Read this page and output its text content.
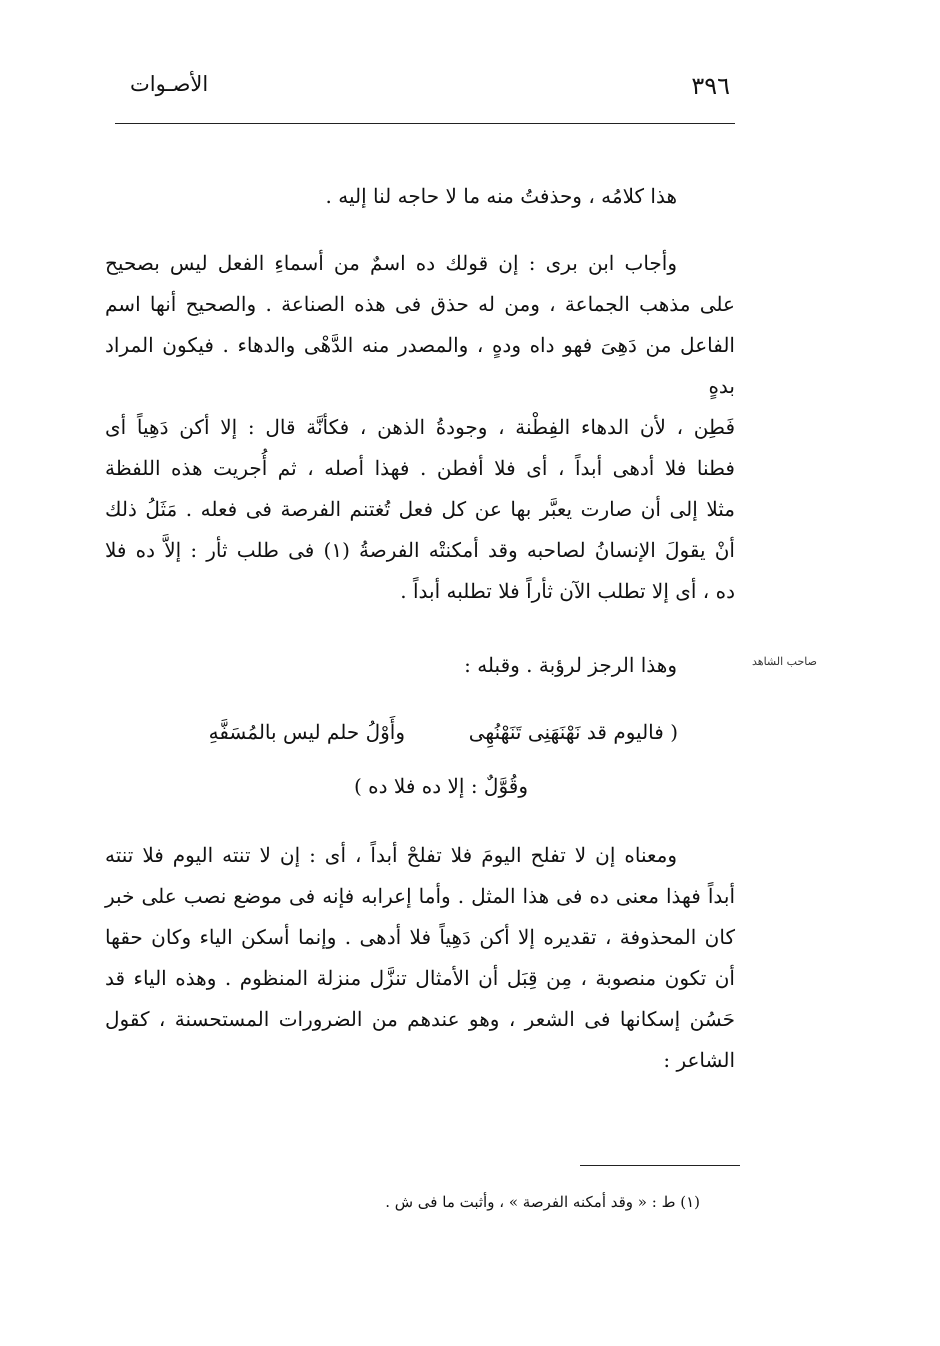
٣٩٦
الأصـوات
هذا كلامُه ، وحذفتُ منه ما لا حاجه لنا إليه .
وأجاب ابن برى : إن قولك ده اسمٌ من أسماءِ الفعل ليس بصحيح
على مذهب الجماعة ، ومن له حذق فى هذه الصناعة . والصحيح أنها اسم
الفاعل من دَهِىَ فهو داه ودهٍ ، والمصدر منه الدَّهْى والدهاء . فيكون المراد بدهٍ
فَطِن ، لأن الدهاء الفِطْنة ، وجودةُ الذهن ، فكأنَّة قال : إلا أكن دَهِياً أى
فطنا فلا أدهى أبداً ، أى فلا أفطن . فهذا أصله ، ثم أُجريت هذه اللفظة
مثلا إلى أن صارت يعبَّر بها عن كل فعل تُغتنم الفرصة فى فعله . مَثَلُ ذلك
أنْ يقولَ الإنسانُ لصاحبه وقد أمكنتْه الفرصةُ (١) فى طلب ثأر : إلاَّ ده فلا
ده ، أى إلا تطلب الآن ثأراً فلا تطلبه أبداً .
وهذا الرجز لرؤبة . وقبله :	صاحب الشاهد
( فاليوم قد نَهْنَهَنِى تَنَهْنُهِى
وأَوْلُ حلم ليس بالمُسَفَّهِ
وقُوَّلٌ : إلا ده فلا ده )
ومعناه إن لا تفلح اليومَ فلا تفلحْ أبداً ، أى : إن لا تنته اليوم فلا تنته
أبداً فهذا معنى ده فى هذا المثل . وأما إعرابه فإنه فى موضع نصب على خبر
كان المحذوفة ، تقديره إلا أكن دَهِياً فلا أدهى . وإنما أسكن الياء وكان حقها
أن تكون منصوبة ، مِن قِبَل أن الأمثال تنزَّل منزلة المنظوم . وهذه الياء قد
حَسُن إسكانها فى الشعر ، وهو عندهم من الضرورات المستحسنة ، كقول
الشاعر :
(١) ط : « وقد أمكنه الفرصة » ، وأثبت ما فى ش .
